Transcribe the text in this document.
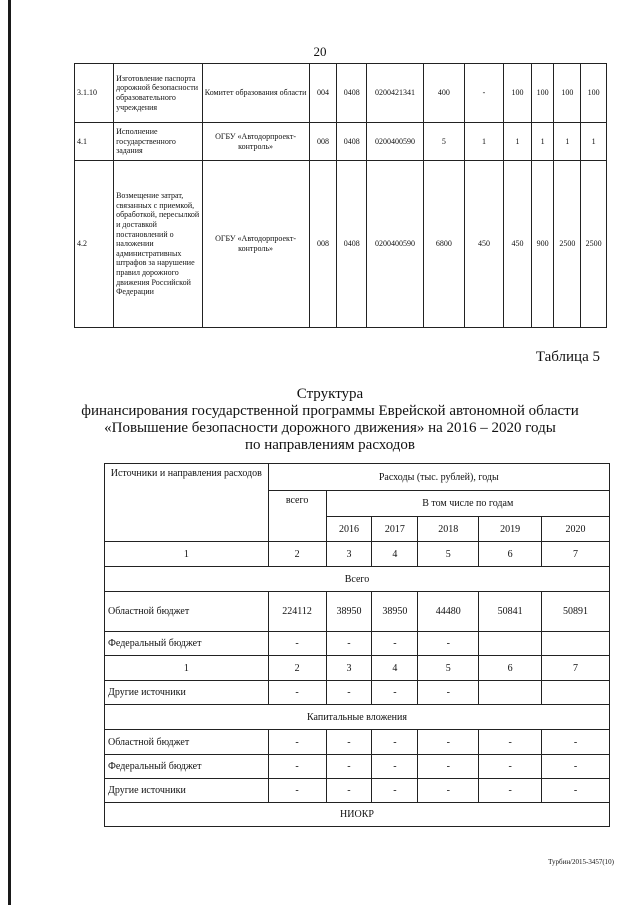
20
3.1.10	Изготовление паспорта дорожной безопасности образовательного учреждения	Комитет образования области	004	0408	0200421341	400	-	100	100	100	100
4.1	Исполнение государственного задания	ОГБУ «Автодорпроект-контроль»	008	0408	0200400590	5	1	1	1	1	1
4.2	Возмещение затрат, связанных с приемкой, обработкой, пересылкой и доставкой постановлений о наложении административных штрафов за нарушение правил дорожного движения Российской Федерации	ОГБУ «Автодорпроект-контроль»	008	0408	0200400590	6800	450	450	900	2500	2500
Таблица 5
Структура
финансирования государственной программы Еврейской автономной области
«Повышение безопасности дорожного движения» на 2016 – 2020 годы
по направлениям расходов
Источники и направления расходов	Расходы (тыс. рублей), годы					
	всего	В том числе по годам				
		2016	2017	2018	2019	2020
1	2	3	4	5	6	7
Всего						
Областной бюджет	224112	38950	38950	44480	50841	50891
Федеральный бюджет	-	-	-	-		
1	2	3	4	5	6	7
Другие источники	-	-	-	-		
Капитальные вложения						
Областной бюджет	-	-	-	-	-	-
Федеральный бюджет	-	-	-	-	-	-
Другие источники	-	-	-	-	-	-
НИОКР						
Турбин/2015-3457(10)
